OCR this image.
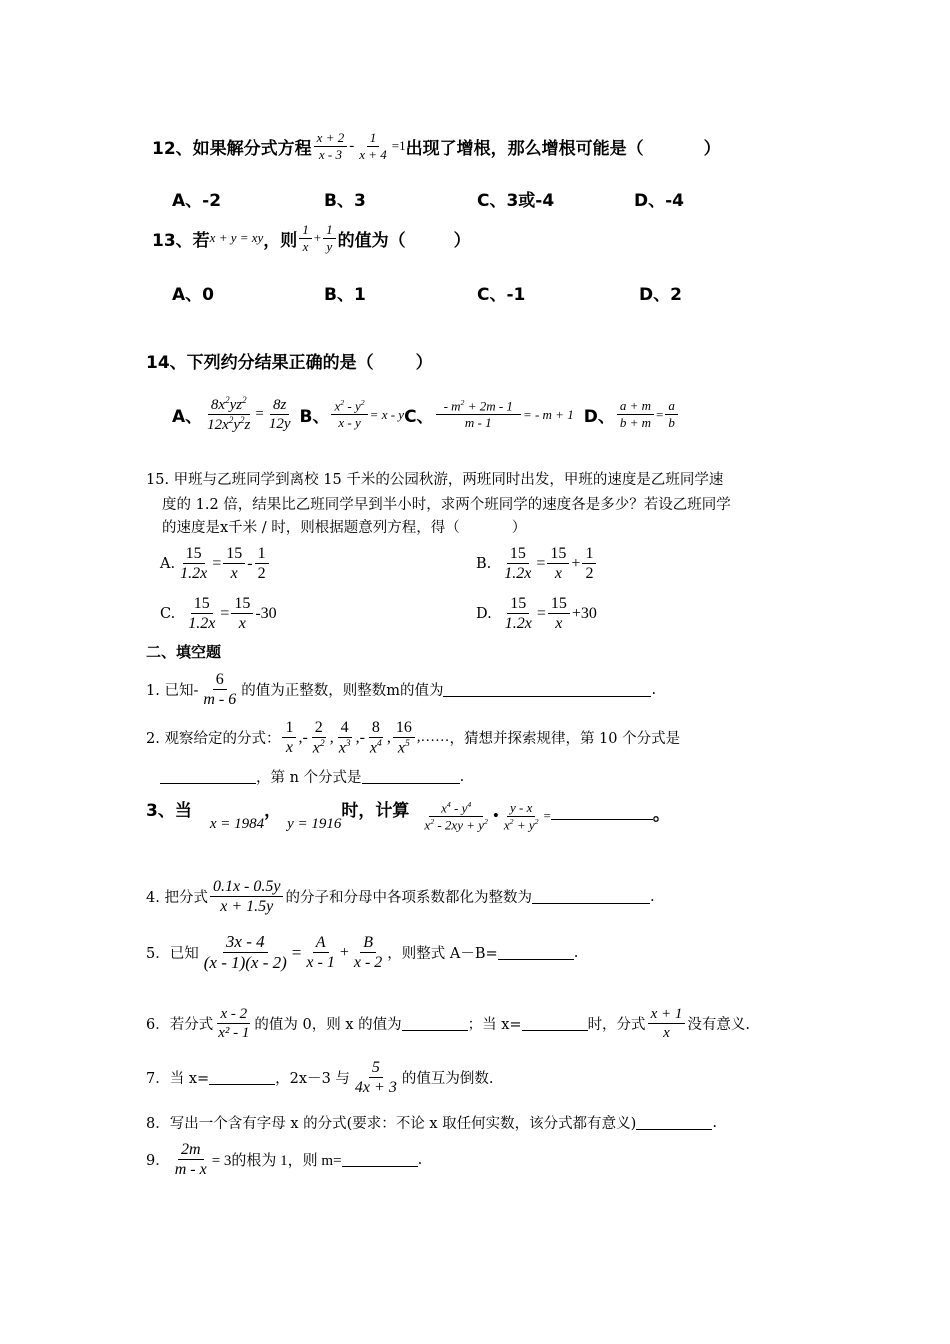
12、如果解分式方程 $\frac{x + 2}{x - 3} - \frac{1}{x + 4} =1$ 出现了增根，那么增根可能是（	）
A、-2	B、3	C、3或-4	D、-4
13、若 x + y = xy ，则 $\frac{1}{x} + \frac{1}{y}$ 的值为（	）
A、0	B、1	C、-1	D、2
14、下列约分结果正确的是（ ）
A、 $\frac{8x^2yz^2}{12x^2y^2z} = \frac{8z}{12y}$ B、 $\frac{x^2 - y^2}{x - y} = x - y$ C、 $\frac{- m^2 + 2m - 1}{m - 1}$ = - m + 1 D、 $\frac{a + m}{b + m} = \frac{a}{b}$
15. 甲班与乙班同学到离校 15 千米的公园秋游，两班同时出发，甲班的速度是乙班同学速
度的 1.2 倍，结果比乙班同学早到半小时，求两个班同学的速度各是多少？若设乙班同学
的速度是x千米 / 时，则根据题意列方程，得（	）
A. $\frac{15}{1.2x} = \frac{15}{x} - \frac{1}{2}$	B. $\frac{15}{1.2x} = \frac{15}{x} + \frac{1}{2}$
C. $\frac{15}{1.2x} = \frac{15}{x} - 30$	D. $\frac{15}{1.2x} = \frac{15}{x} + 30$
二、填空题
1. 已知- $\frac{6}{m - 6}$ 的值为正整数，则整数m的值为	.
2. 观察给定的分式： $\frac{1}{x}$ ,- $\frac{2}{x^2}$ , $\frac{4}{x^3}$ ,- $\frac{8}{x^4}$ , $\frac{16}{x^5}$ ,…… ，猜想并探索规律，第 10 个分式是
，第 n 个分式是	.
3、当
x = 1984
，
y = 1916
时，计算 $\frac{x^4 - y^4}{x^2 - 2xy + y^2}$ • $\frac{y - x}{x^2 + y^2}$ =	。
4. 把分式 $\frac{0.1x - 0.5y}{x + 1.5y}$ 的分子和分母中各项系数都化为整数为	.
5．已知 $\frac{3x - 4}{(x - 1)(x - 2)} = \frac{A}{x - 1} + \frac{B}{x - 2}$ ，则整式 A－B=	.
6．若分式 $\frac{x - 2}{\text{x² - 1}}$ 的值为 0，则 x 的值为	；当 x=	时，分式 $\frac{x + 1}{x}$ 没有意义.
7．当 x=	，2x－3 与 $\frac{5}{4x + 3}$ 的值互为倒数.
8．写出一个含有字母 x 的分式(要求：不论 x 取任何实数，该分式都有意义)	.
9． $\frac{2m}{m - x} = 3$的根为 1，则 m=	.
